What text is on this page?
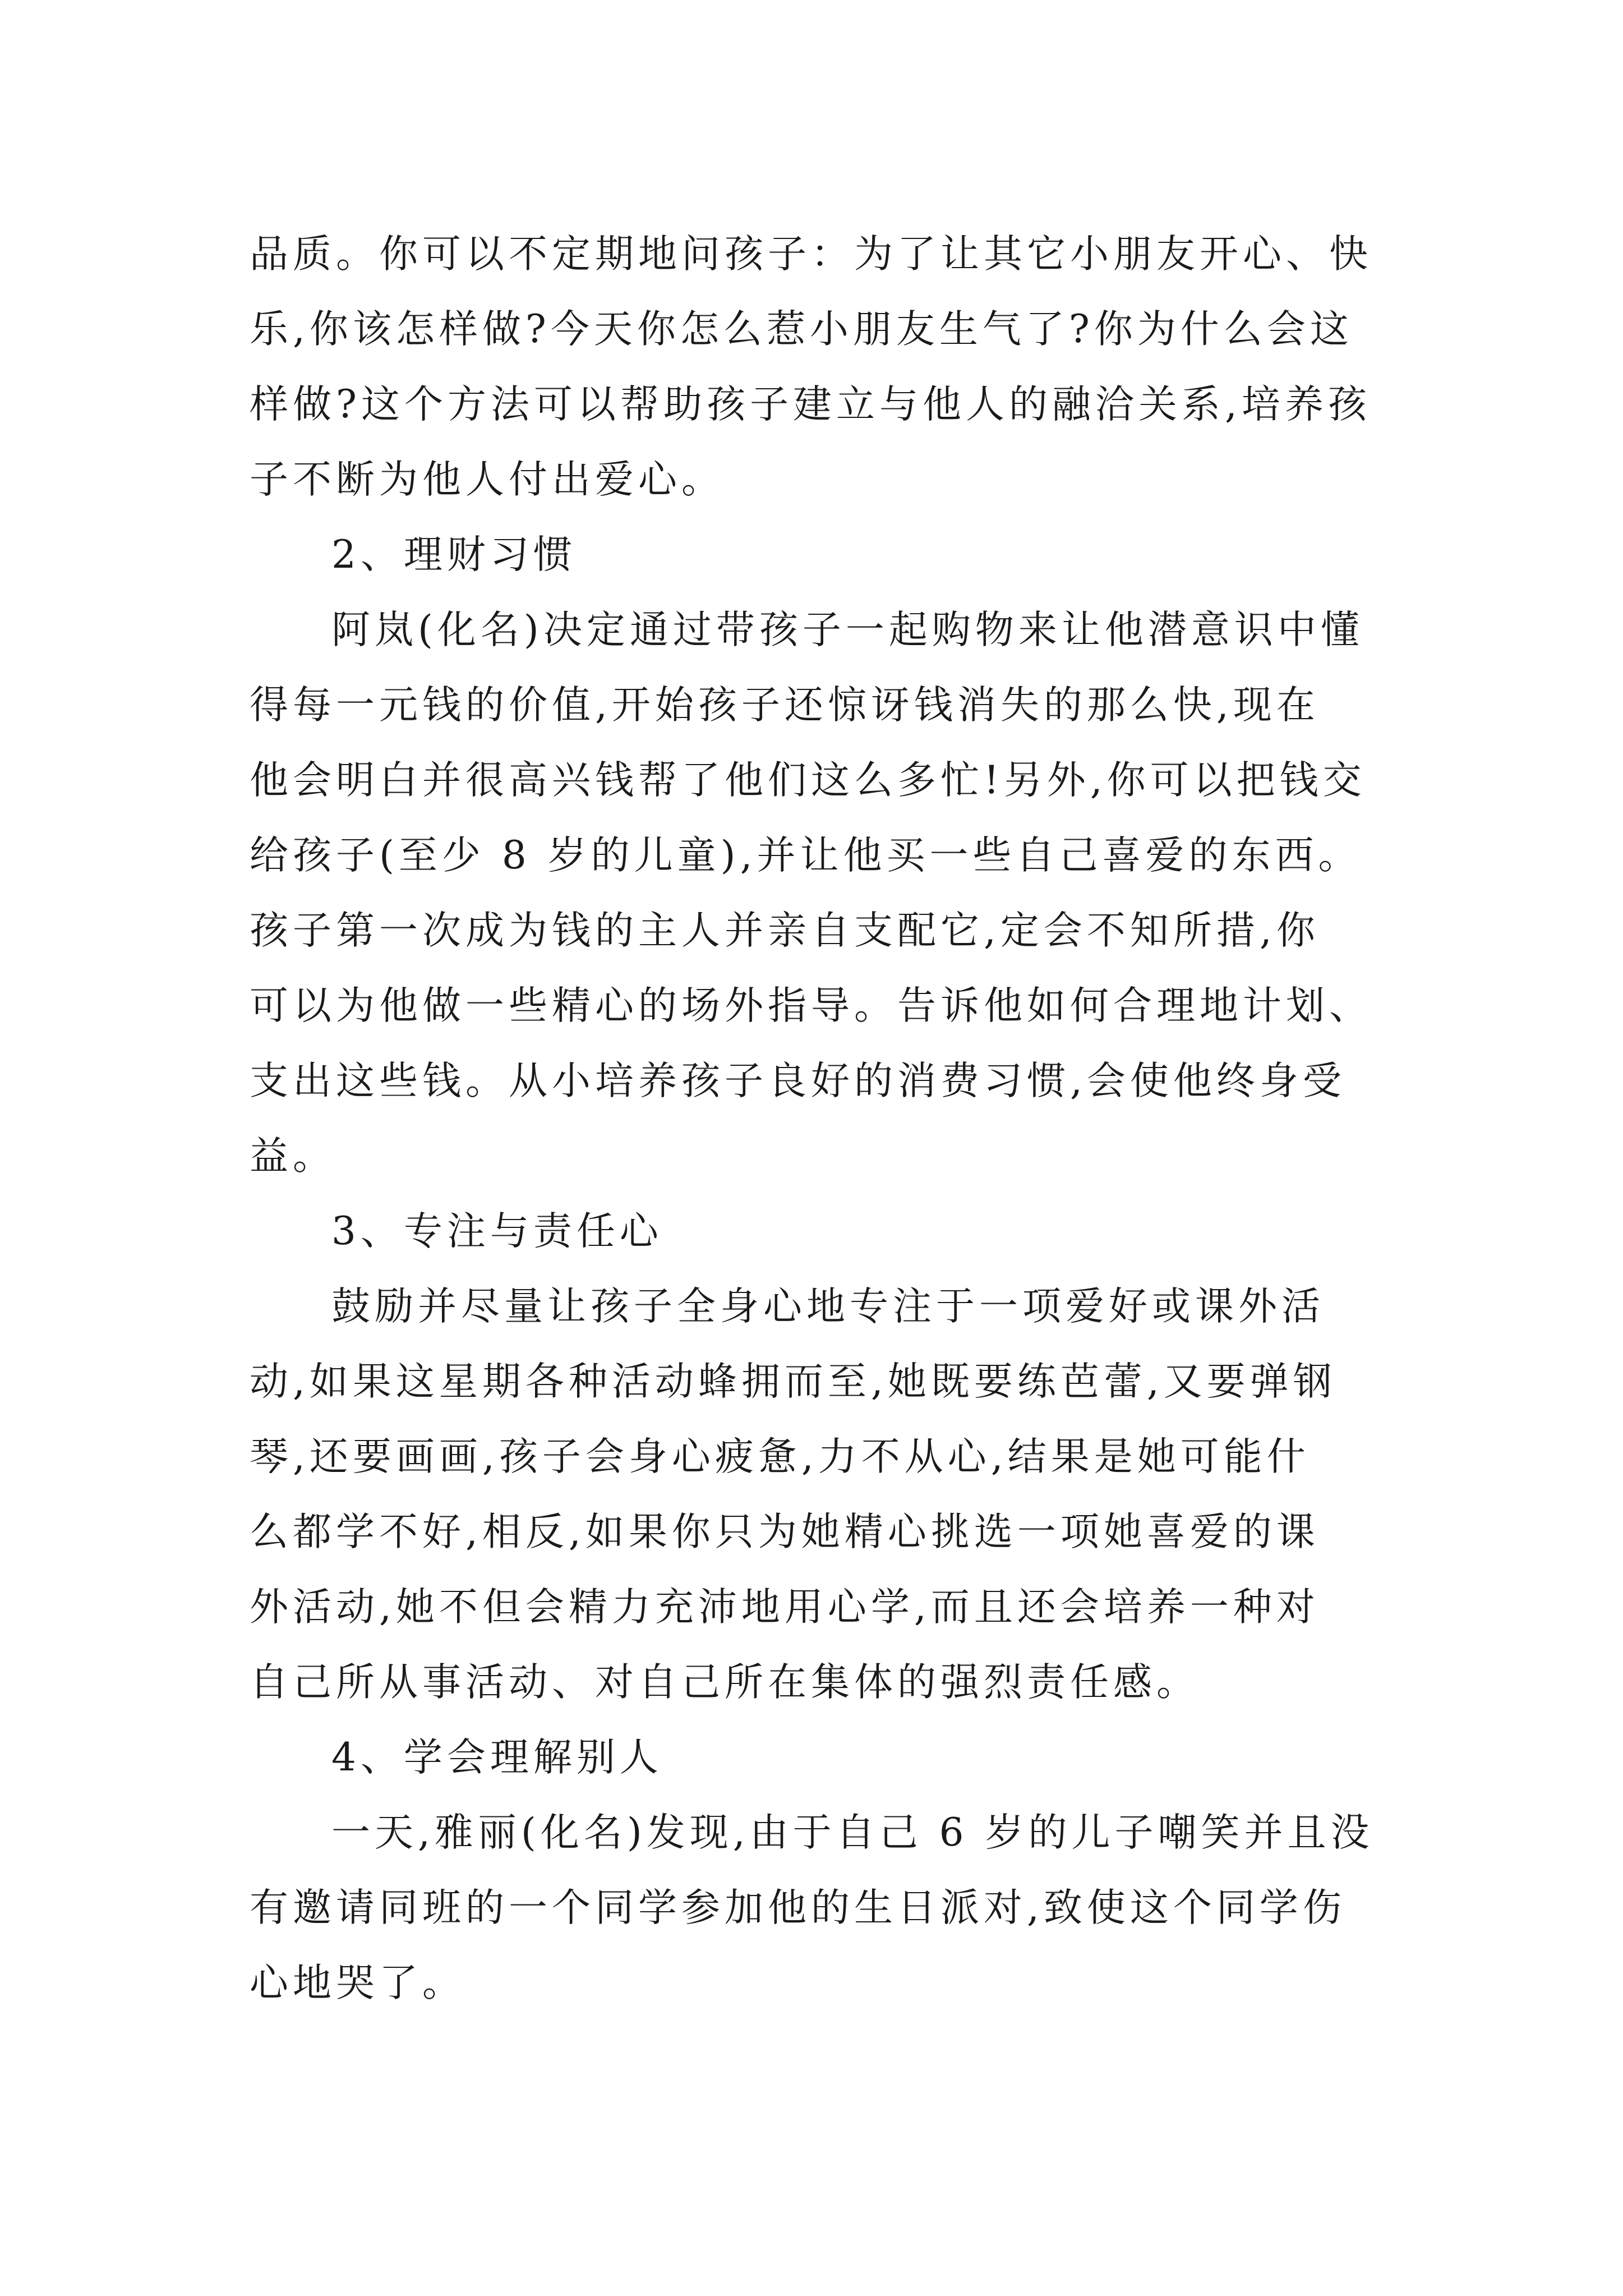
品质。你可以不定期地问孩子：为了让其它小朋友开心、快
乐,你该怎样做?今天你怎么惹小朋友生气了?你为什么会这
样做?这个方法可以帮助孩子建立与他人的融洽关系,培养孩
子不断为他人付出爱心。
2、理财习惯
阿岚(化名)决定通过带孩子一起购物来让他潜意识中懂
得每一元钱的价值,开始孩子还惊讶钱消失的那么快,现在
他会明白并很高兴钱帮了他们这么多忙!另外,你可以把钱交
给孩子(至少 8 岁的儿童),并让他买一些自己喜爱的东西。
孩子第一次成为钱的主人并亲自支配它,定会不知所措,你
可以为他做一些精心的场外指导。告诉他如何合理地计划、
支出这些钱。从小培养孩子良好的消费习惯,会使他终身受
益。
3、专注与责任心
鼓励并尽量让孩子全身心地专注于一项爱好或课外活
动,如果这星期各种活动蜂拥而至,她既要练芭蕾,又要弹钢
琴,还要画画,孩子会身心疲惫,力不从心,结果是她可能什
么都学不好,相反,如果你只为她精心挑选一项她喜爱的课
外活动,她不但会精力充沛地用心学,而且还会培养一种对
自己所从事活动、对自己所在集体的强烈责任感。
4、学会理解别人
一天,雅丽(化名)发现,由于自己 6 岁的儿子嘲笑并且没
有邀请同班的一个同学参加他的生日派对,致使这个同学伤
心地哭了。
